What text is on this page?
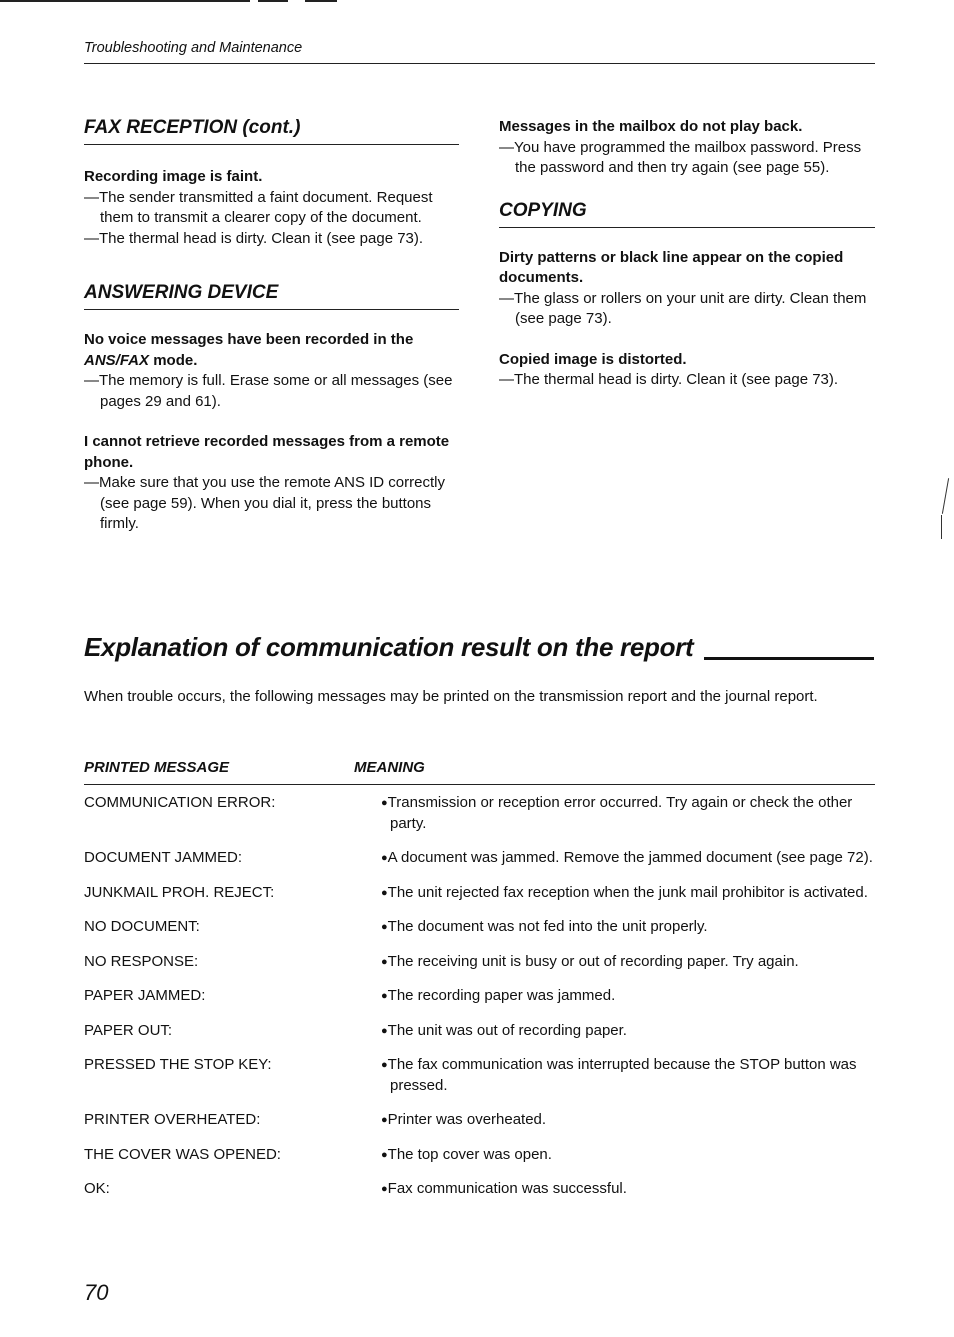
Troubleshooting and Maintenance
FAX RECEPTION (cont.)

Recording image is faint.

—The sender transmitted a faint document. Request them to transmit a clearer copy of the document.

—The thermal head is dirty. Clean it (see page 73).

ANSWERING DEVICE

No voice messages have been recorded in the ANS/FAX mode.

—The memory is full. Erase some or all messages (see pages 29 and 61).

I cannot retrieve recorded messages from a remote phone.

—Make sure that you use the remote ANS ID correctly (see page 59). When you dial it, press the buttons firmly.

Messages in the mailbox do not play back.

—You have programmed the mailbox password. Press the password and then try again (see page 55).

COPYING

Dirty patterns or black line appear on the copied documents.

—The glass or rollers on your unit are dirty. Clean them (see page 73).

Copied image is distorted.

—The thermal head is dirty. Clean it (see page 73).

Explanation of communication result on the report
When trouble occurs, the following messages may be printed on the transmission report and the journal report.
PRINTED MESSAGE	MEANING
COMMUNICATION ERROR:	●Transmission or reception error occurred. Try again or check the other party.
DOCUMENT JAMMED:	●A document was jammed. Remove the jammed document (see page 72).
JUNKMAIL PROH. REJECT:	●The unit rejected fax reception when the junk mail prohibitor is activated.
NO DOCUMENT:	●The document was not fed into the unit properly.
NO RESPONSE:	●The receiving unit is busy or out of recording paper. Try again.
PAPER JAMMED:	●The recording paper was jammed.
PAPER OUT:	●The unit was out of recording paper.
PRESSED THE STOP KEY:	●The fax communication was interrupted because the STOP button was pressed.
PRINTER OVERHEATED:	●Printer was overheated.
THE COVER WAS OPENED:	●The top cover was open.
OK:	●Fax communication was successful.
70
